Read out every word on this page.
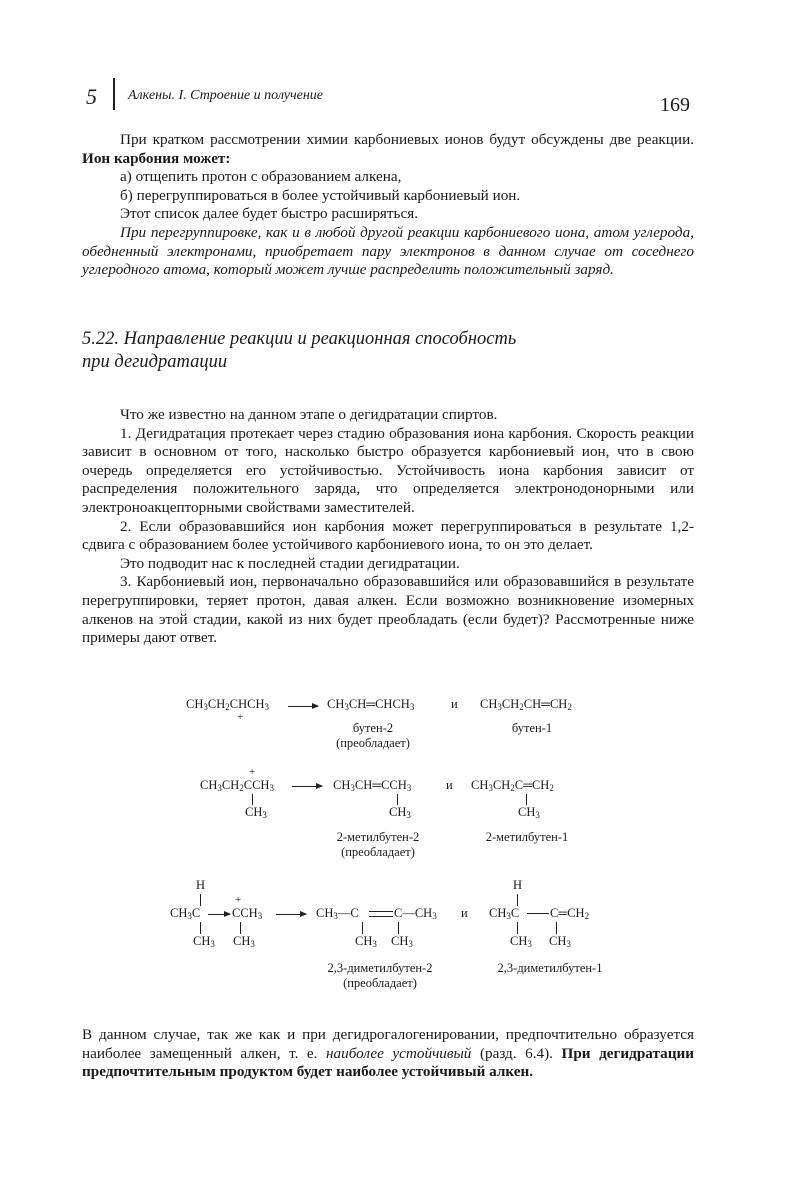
5 Алкены. I. Строение и получение	169

При кратком рассмотрении химии карбониевых ионов будут обсуждены две реакции. Ион карбония может:

а) отщепить протон с образованием алкена,

б) перегруппироваться в более устойчивый карбониевый ион.

Этот список далее будет быстро расширяться.

При перегруппировке, как и в любой другой реакции карбониевого иона, атом углерода, обедненный электронами, приобретает пару электронов в данном случае от соседнего углеродного атома, который может лучше распределить положительный заряд.

5.22. Направление реакции и реакционная способность
при дегидратации

Что же известно на данном этапе о дегидратации спиртов.

1. Дегидратация протекает через стадию образования иона карбония. Скорость реакции зависит в основном от того, насколько быстро образуется карбониевый ион, что в свою очередь определяется его устойчивостью. Устойчивость иона карбония зависит от распределения положительного заряда, что определяется электронодонорными или электроноакцепторными свойствами заместителей.

2. Если образовавшийся ион карбония может перегруппироваться в результате 1,2-сдвига с образованием более устойчивого карбониевого иона, то он это делает.

Это подводит нас к последней стадии дегидратации.

3. Карбониевый ион, первоначально образовавшийся или образовавшийся в результате перегруппировки, теряет протон, давая алкен. Если возможно возникновение изомерных алкенов на этой стадии, какой из них будет преобладать (если будет)? Рассмотренные ниже примеры дают ответ.

$CH_3CH_2CHCH_3$
+
$CH_3CH═CHCH_3$	и $CH_3CH_2CH═CH_2$
бутен-2
(преобладает)
бутен-1
+
$CH_3CH_2CCH_3$
$CH_3$
$CH_3CH═CCH_3$
$CH_3$
и $CH_3CH_2C═CH_2$
$CH_3$
2-метилбутен-2
(преобладает)
2-метилбутен-1
H
+
$CH_3C$	$CCH_3$
$CH_3$ $CH_3$
$CH_3—C$	$C—CH_3$
$CH_3$ $CH_3$
и
H
$CH_3C$ $C═CH_2$
$CH_3$ $CH_3$
2,3-диметилбутен-2
(преобладает)
2,3-диметилбутен-1

В данном случае, так же как и при дегидрогалогенировании, предпочтительно образуется наиболее замещенный алкен, т. е. наиболее устойчивый (разд. 6.4). При дегидратации предпочтительным продуктом будет наиболее устойчивый алкен.
